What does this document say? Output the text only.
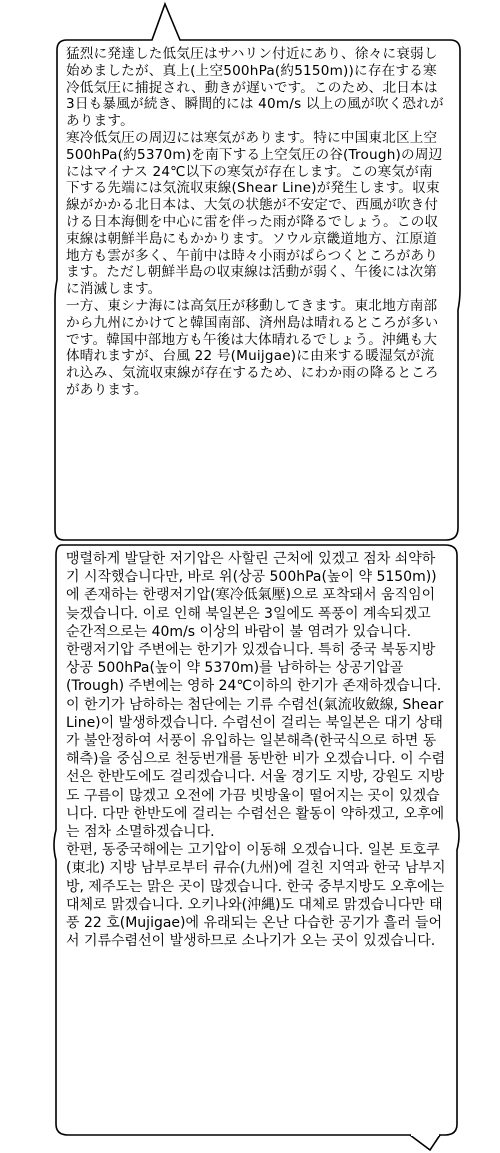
猛烈に発達した低気圧はサハリン付近にあり、徐々に衰弱し始めましたが、真上(上空500hPa(約5150m))に存在する寒冷低気圧に捕捉され、動きが遅いです。このため、北日本は3日も暴風が続き、瞬間的には 40m/s 以上の風が吹く恐れがあります。

寒冷低気圧の周辺には寒気があります。特に中国東北区上空500hPa(約5370m)を南下する上空気圧の谷(Trough)の周辺にはマイナス 24℃以下の寒気が存在します。この寒気が南下する先端には気流収束線(Shear Line)が発生します。収束線がかかる北日本は、大気の状態が不安定で、西風が吹き付ける日本海側を中心に雷を伴った雨が降るでしょう。この収束線は朝鮮半島にもかかります。ソウル京畿道地方、江原道地方も雲が多く、午前中は時々小雨がぱらつくところがあります。ただし朝鮮半島の収束線は活動が弱く、午後には次第に消滅します。

一方、東シナ海には高気圧が移動してきます。東北地方南部から九州にかけてと韓国南部、済州島は晴れるところが多いです。韓国中部地方も午後は大体晴れるでしょう。沖縄も大体晴れますが、台風 22 号(Muijgae)に由来する暖湿気が流れ込み、気流収束線が存在するため、にわか雨の降るところがあります。

맹렬하게 발달한 저기압은 사할린 근처에 있겠고 점차 쇠약하기 시작했습니다만, 바로 위(상공 500hPa(높이 약 5150m)) 에 존재하는 한랭저기압(寒冷低氣壓)으로 포착돼서 움직임이 늦겠습니다. 이로 인해 북일본은 3일에도 폭풍이 계속되겠고 순간적으로는 40m/s 이상의 바람이 불 염려가 있습니다.

한랭저기압 주변에는 한기가 있겠습니다. 특히 중국 북동지방 상공 500hPa(높이 약 5370m)를 남하하는 상공기압골(Trough) 주변에는 영하 24℃이하의 한기가 존재하겠습니다. 이 한기가 남하하는 첨단에는 기류 수렴선(氣流收斂線, Shear Line)이 발생하겠습니다. 수렴선이 걸리는 북일본은 대기 상태가 불안정하여 서풍이 유입하는 일본해측(한국식으로 하면 동해측)을 중심으로 천둥번개를 동반한 비가 오겠습니다. 이 수렴선은 한반도에도 걸리겠습니다. 서울 경기도 지방, 강원도 지방도 구름이 많겠고 오전에 가끔 빗방울이 떨어지는 곳이 있겠습니다. 다만 한반도에 걸리는 수렴선은 활동이 약하겠고, 오후에는 점차 소멸하겠습니다.

한편, 동중국해에는 고기압이 이동해 오겠습니다. 일본 토호쿠(東北) 지방 남부로부터 큐슈(九州)에 걸친 지역과 한국 남부지방, 제주도는 맑은 곳이 많겠습니다. 한국 중부지방도 오후에는 대체로 맑겠습니다. 오키나와(沖縄)도 대체로 맑겠습니다만 태풍 22 호(Mujigae)에 유래되는 온난 다습한 공기가 흘러 들어서 기류수렴선이 발생하므로 소나기가 오는 곳이 있겠습니다.
